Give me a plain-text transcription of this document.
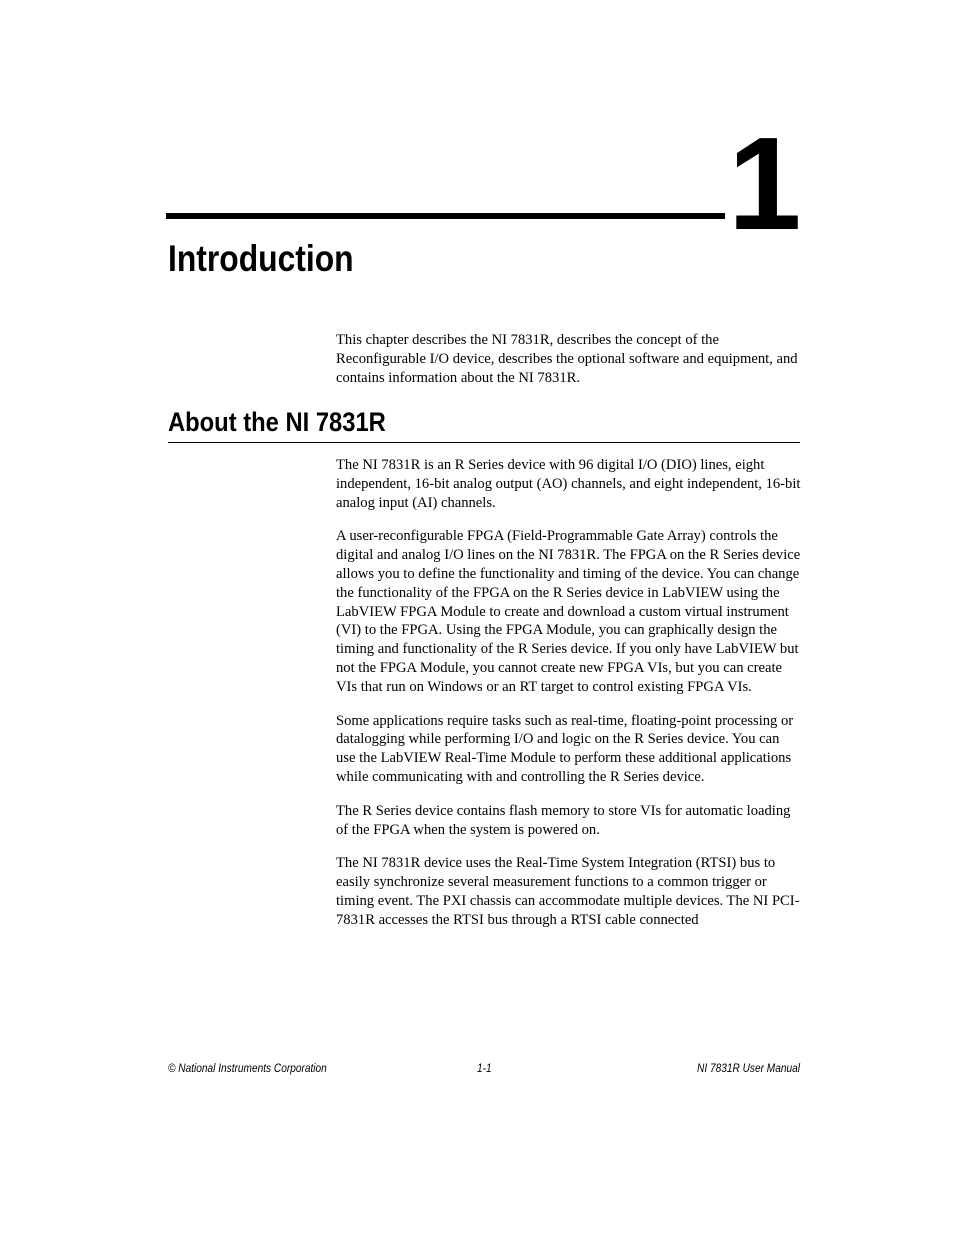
1
Introduction

This chapter describes the NI 7831R, describes the concept of the Reconfigurable I/O device, describes the optional software and equipment, and contains information about the NI 7831R.

About the NI 7831R

The NI 7831R is an R Series device with 96 digital I/O (DIO) lines, eight independent, 16-bit analog output (AO) channels, and eight independent, 16-bit analog input (AI) channels.

A user-reconfigurable FPGA (Field-Programmable Gate Array) controls the digital and analog I/O lines on the NI 7831R. The FPGA on the R Series device allows you to define the functionality and timing of the device. You can change the functionality of the FPGA on the R Series device in LabVIEW using the LabVIEW FPGA Module to create and download a custom virtual instrument (VI) to the FPGA. Using the FPGA Module, you can graphically design the timing and functionality of the R Series device. If you only have LabVIEW but not the FPGA Module, you cannot create new FPGA VIs, but you can create VIs that run on Windows or an RT target to control existing FPGA VIs.

Some applications require tasks such as real-time, floating-point processing or datalogging while performing I/O and logic on the R Series device. You can use the LabVIEW Real-Time Module to perform these additional applications while communicating with and controlling the R Series device.

The R Series device contains flash memory to store VIs for automatic loading of the FPGA when the system is powered on.

The NI 7831R device uses the Real-Time System Integration (RTSI) bus to easily synchronize several measurement functions to a common trigger or timing event. The PXI chassis can accommodate multiple devices. The NI PCI-7831R accesses the RTSI bus through a RTSI cable connected

© National Instruments Corporation	1-1	NI 7831R User Manual
